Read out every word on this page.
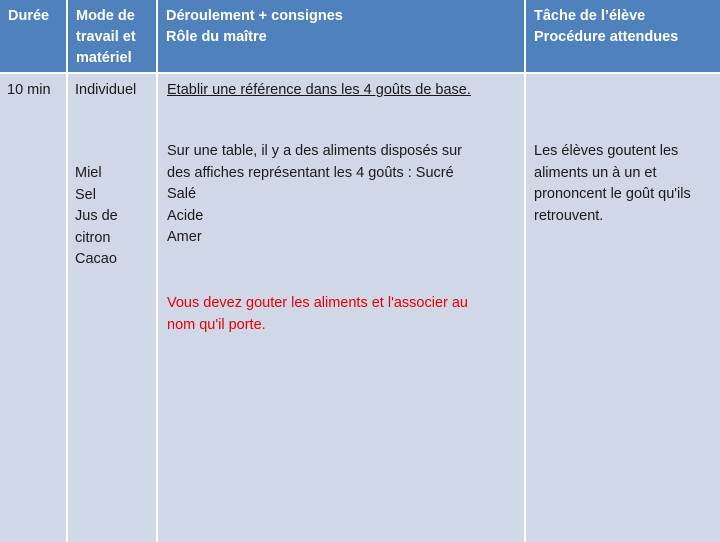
Durée	Mode de
travail et
matériel
Déroulement + consignes
Rôle du maître
Tâche de l’élève
Procédure attendues
10 min Individuel
Miel
Sel
Jus de
citron
Cacao
Etablir une référence dans les 4 goûts de base.
Sur une table, il y a des aliments disposés sur
des affiches représentant les 4 goûts : Sucré
Salé
Acide
Amer
Vous devez gouter les aliments et l'associer au
nom qu'il porte.
Les élèves goutent les
aliments un à un et
prononcent le goût qu'ils
retrouvent.
